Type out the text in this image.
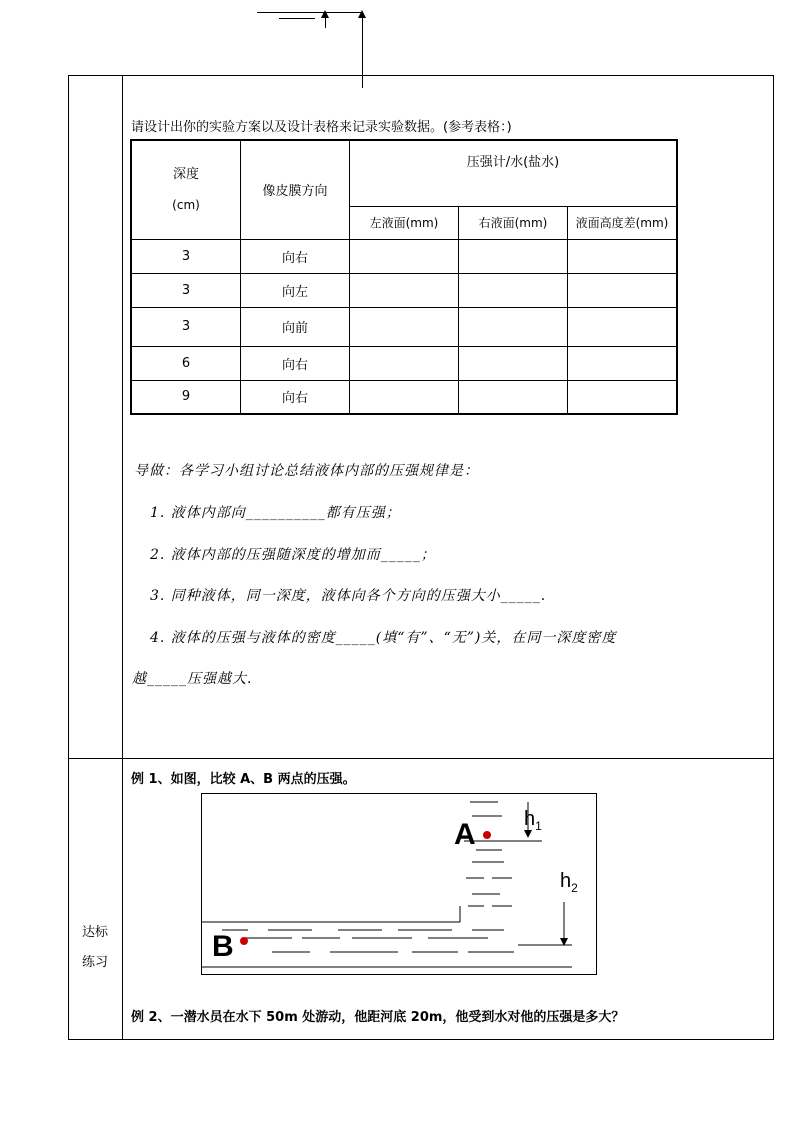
请设计出你的实验方案以及设计表格来记录实验数据。(参考表格：)
深度
(cm)	像皮膜方向	压强计/水(盐水)		
		左液面(mm)	右液面(mm)	液面高度差(mm)
3	向右			
3	向左			
3	向前			
6	向右			
9	向右			
导做：各学习小组讨论总结液体内部的压强规律是：
1. 液体内部向__________都有压强；
2. 液体内部的压强随深度的增加而_____；
3. 同种液体，同一深度，液体向各个方向的压强大小_____.
4. 液体的压强与液体的密度_____(填“有”、“无”)关，在同一深度密度
越_____压强越大.
达标
练习
例 1、如图，比较 A、B 两点的压强。
A
B
$h_1$
$h_2$
例 2、一潜水员在水下 50m 处游动，他距河底 20m，他受到水对他的压强是多大？
